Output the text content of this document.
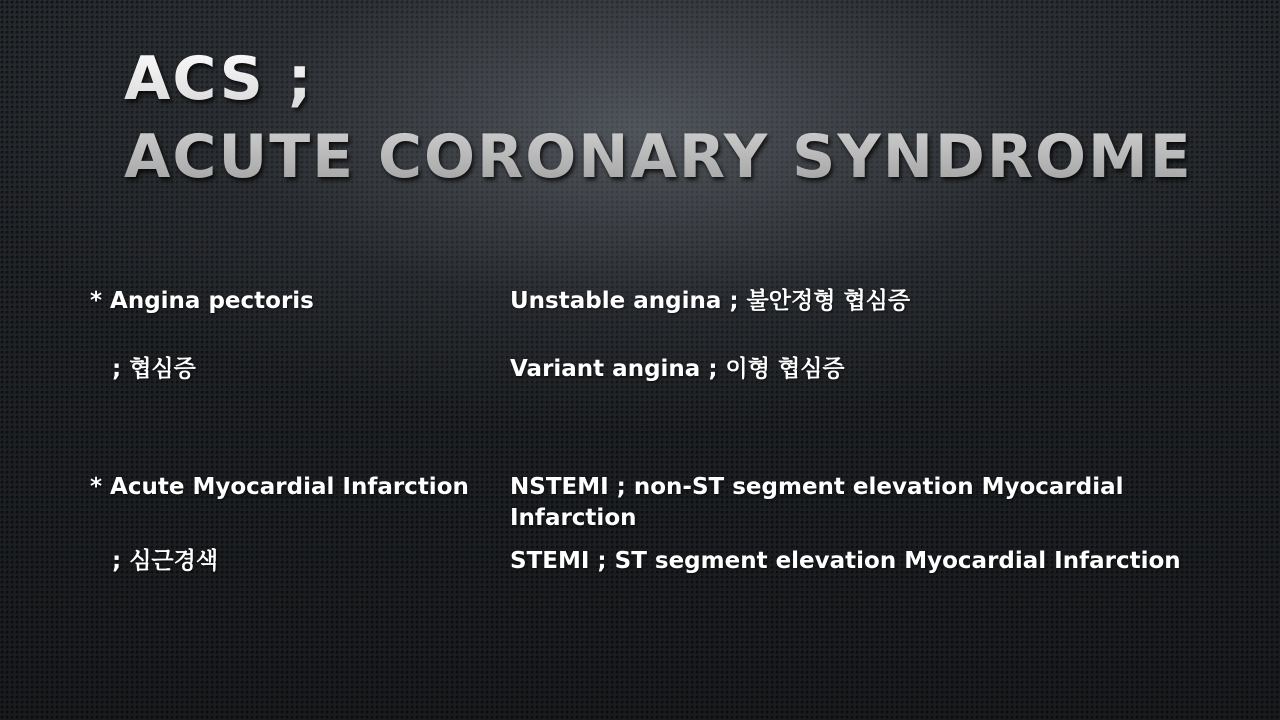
ACS ;
ACUTE CORONARY SYNDROME
* Angina pectoris
; 협심증
* Acute Myocardial Infarction
; 심근경색
Unstable angina ; 불안정형 협심증
Variant angina ; 이형 협심증
NSTEMI ; non-ST segment elevation Myocardial Infarction
STEMI ; ST segment elevation Myocardial Infarction
